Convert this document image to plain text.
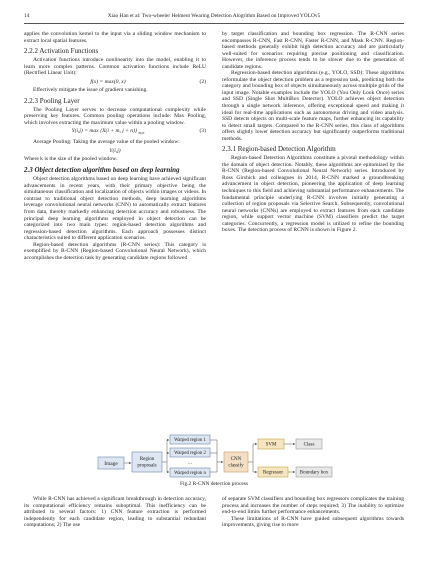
14	Xiao Han et al: Two-wheeler Helment Wearing Detection Alogrithm Based on Improved YOLOv5

applies the convolution kernel to the input via a sliding window mechanism to extract local spatial features.

2.2.2 Activation Functions

Activation functions introduce nonlinearity into the model, enabling it to learn more complex patterns. Common activation functions include ReLU (Rectified Linear Unit):

f(x) = max(0, x)	(2)

Effectively mitigate the issue of gradient vanishing.

2.2.3 Pooling Layer

The Pooling Layer serves to decrease computational complexity while preserving key features. Common pooling operations include: Max Pooling, which involves extracting the maximum value within a pooling window.

Y(i,j) = max {X(i + m, j + n)} $_{m,n}$	(3)

Average Pooling: Taking the average value of the pooled window:

Y(i,j)

Where k is the size of the pooled window.

2.3 Object detection algorithm based on deep learning

Object detection algorithms based on deep learning have achieved significant advancements in recent years, with their primary objective being the simultaneous classification and localization of objects within images or videos. In contrast to traditional object detection methods, deep learning algorithms leverage convolutional neural networks (CNN) to automatically extract features from data, thereby markedly enhancing detection accuracy and robustness. The principal deep learning algorithms employed in object detection can be categorized into two main types: region-based detection algorithms and regression-based detection algorithms. Each approach possesses distinct characteristics suited to different application scenarios.

Region-based detection algorithms (R-CNN series): This category is exemplified by R-CNN (Region-based Convolutional Neural Network), which accomplishes the detection task by generating candidate regions followed

by target classification and bounding box regression. The R-CNN series encompasses R-CNN, Fast R-CNN, Faster R-CNN, and Mask R-CNN. Region-based methods generally exhibit high detection accuracy and are particularly well-suited for scenarios requiring precise positioning and classification. However, the inference process tends to be slower due to the generation of candidate regions.

Regression-based detection algorithms (e.g., YOLO, SSD): These algorithms reformulate the object detection problem as a regression task, predicting both the category and bounding box of objects simultaneously across multiple grids of the input image. Notable examples include the YOLO (You Only Look Once) series and SSD (Single Shot MultiBox Detector). YOLO achieves object detection through a single network inference, offering exceptional speed and making it ideal for real-time applications such as autonomous driving and video analysis. SSD detects objects on multi-scale feature maps, further enhancing its capability to detect small targets. Compared to the R-CNN series, this class of algorithms offers slightly lower detection accuracy but significantly outperforms traditional methods.

2.3.1 Region-based Detection Algorithm

Region-based Detection Algorithms constitute a pivotal methodology within the domain of object detection. Notably, these algorithms are epitomized by the R-CNN (Region-based Convolutional Neural Network) series. Introduced by Ross Girshick and colleagues in 2014, R-CNN marked a groundbreaking advancement in object detection, pioneering the application of deep learning techniques to this field and achieving substantial performance enhancements. The fundamental principle underlying R-CNN involves initially generating a collection of region proposals via Selective Search. Subsequently, convolutional neural networks (CNNs) are employed to extract features from each candidate region, while support vector machine (SVM) classifiers predict the target categories. Concurrently, a regression model is utilized to refine the bounding boxes. The detection process of RCNN is shown in Figure 2.

Image
Region
proposals
Warped region 1
Warped region 2
...
Warped region n
CNN
classify
SVM	Class
Regressor	Boundary box
Fig.2 R-CNN detection process

While R-CNN has achieved a significant breakthrough in detection accuracy, its computational efficiency remains suboptimal. This inefficiency can be attributed to several factors: 1) CNN feature extraction is performed independently for each candidate region, leading to substantial redundant computations; 2) The use

of separate SVM classifiers and bounding box regressors complicates the training process and increases the number of steps required; 3) The inability to optimize end-to-end limits further performance enhancements.

These limitations of R-CNN have guided subsequent algorithms towards improvements, giving rise to more
